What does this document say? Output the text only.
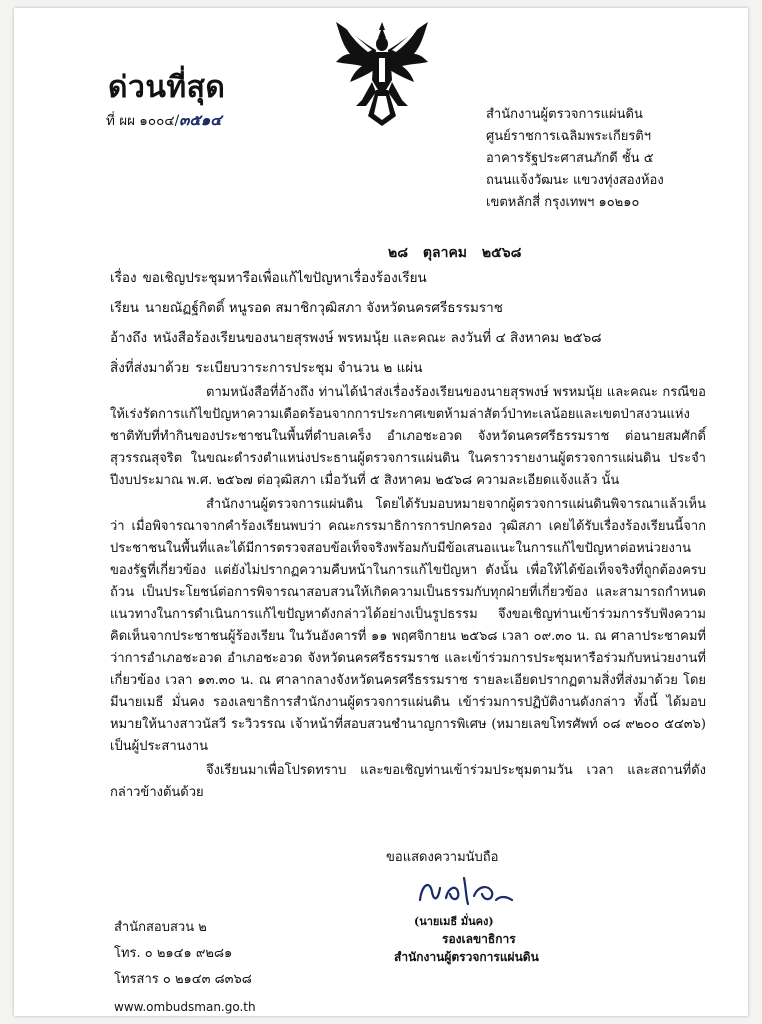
ด่วนที่สุด
ที่ ผผ ๑๐๐๔/๓๕๑๔	สำนักงานผู้ตรวจการแผ่นดิน
ศูนย์ราชการเฉลิมพระเกียรติฯ
อาคารรัฐประศาสนภักดี ชั้น ๕
ถนนแจ้งวัฒนะ แขวงทุ่งสองห้อง
เขตหลักสี่ กรุงเทพฯ ๑๐๒๑๐
๒๘ ตุลาคม ๒๕๖๘
เรื่อง ขอเชิญประชุมหารือเพื่อแก้ไขปัญหาเรื่องร้องเรียน
เรียน นายณัฏฐ์กิตติ์ หนูรอด สมาชิกวุฒิสภา จังหวัดนครศรีธรรมราช
อ้างถึง หนังสือร้องเรียนของนายสุรพงษ์ พรหมนุ้ย และคณะ ลงวันที่ ๔ สิงหาคม ๒๕๖๘
สิ่งที่ส่งมาด้วย ระเบียบวาระการประชุม จำนวน ๒ แผ่น

ตามหนังสือที่อ้างถึง ท่านได้นำส่งเรื่องร้องเรียนของนายสุรพงษ์ พรหมนุ้ย และคณะ กรณีขอให้เร่งรัดการแก้ไขปัญหาความเดือดร้อนจากการประกาศเขตห้ามล่าสัตว์ป่าทะเลน้อยและเขตป่าสงวนแห่งชาติทับที่ทำกินของประชาชนในพื้นที่ตำบลเคร็ง อำเภอชะอวด จังหวัดนครศรีธรรมราช ต่อนายสมศักดิ์ สุวรรณสุจริต ในขณะดำรงตำแหน่งประธานผู้ตรวจการแผ่นดิน ในคราวรายงานผู้ตรวจการแผ่นดิน ประจำปีงบประมาณ พ.ศ. ๒๕๖๗ ต่อวุฒิสภา เมื่อวันที่ ๕ สิงหาคม ๒๕๖๘ ความละเอียดแจ้งแล้ว นั้น

สำนักงานผู้ตรวจการแผ่นดิน โดยได้รับมอบหมายจากผู้ตรวจการแผ่นดินพิจารณาแล้วเห็นว่า เมื่อพิจารณาจากคำร้องเรียนพบว่า คณะกรรมาธิการการปกครอง วุฒิสภา เคยได้รับเรื่องร้องเรียนนี้จากประชาชนในพื้นที่และได้มีการตรวจสอบข้อเท็จจริงพร้อมกับมีข้อเสนอแนะในการแก้ไขปัญหาต่อหน่วยงานของรัฐที่เกี่ยวข้อง แต่ยังไม่ปรากฏความคืบหน้าในการแก้ไขปัญหา ดังนั้น เพื่อให้ได้ข้อเท็จจริงที่ถูกต้องครบถ้วน เป็นประโยชน์ต่อการพิจารณาสอบสวนให้เกิดความเป็นธรรมกับทุกฝ่ายที่เกี่ยวข้อง และสามารถกำหนดแนวทางในการดำเนินการแก้ไขปัญหาดังกล่าวได้อย่างเป็นรูปธรรม จึงขอเชิญท่านเข้าร่วมการรับฟังความคิดเห็นจากประชาชนผู้ร้องเรียน ในวันอังคารที่ ๑๑ พฤศจิกายน ๒๕๖๘ เวลา ๐๙.๓๐ น. ณ ศาลาประชาคมที่ว่าการอำเภอชะอวด อำเภอชะอวด จังหวัดนครศรีธรรมราช และเข้าร่วมการประชุมหารือร่วมกับหน่วยงานที่เกี่ยวข้อง เวลา ๑๓.๓๐ น. ณ ศาลากลางจังหวัดนครศรีธรรมราช รายละเอียดปรากฏตามสิ่งที่ส่งมาด้วย โดยมีนายเมธี มั่นคง รองเลขาธิการสำนักงานผู้ตรวจการแผ่นดิน เข้าร่วมการปฏิบัติงานดังกล่าว ทั้งนี้ ได้มอบหมายให้นางสาวนัสวี ระวิวรรณ เจ้าหน้าที่สอบสวนชำนาญการพิเศษ (หมายเลขโทรศัพท์ ๐๘ ๙๒๐๐ ๕๔๓๖) เป็นผู้ประสานงาน

จึงเรียนมาเพื่อโปรดทราบ และขอเชิญท่านเข้าร่วมประชุมตามวัน เวลา และสถานที่ดังกล่าวข้างต้นด้วย

ขอแสดงความนับถือ
(นายเมธี มั่นคง)
รองเลขาธิการ
สำนักงานผู้ตรวจการแผ่นดิน
สำนักสอบสวน ๒
โทร. ๐ ๒๑๔๑ ๙๒๘๑
โทรสาร ๐ ๒๑๔๓ ๘๓๖๘
www.ombudsman.go.th
